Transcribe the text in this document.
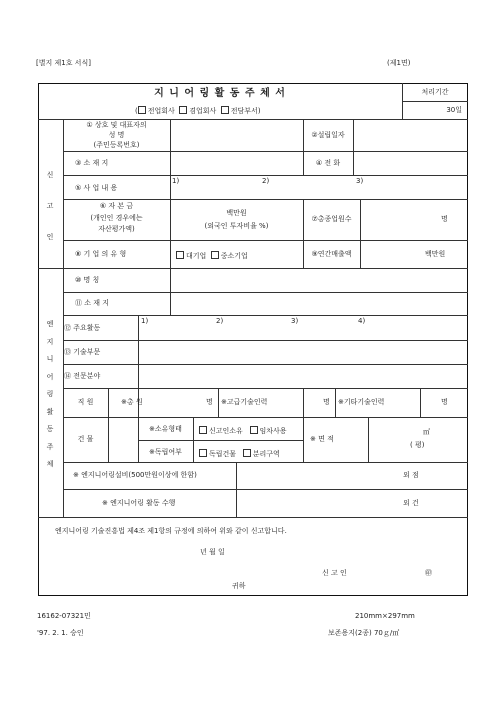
[별지 제1호 서식]	(제1면)
지 니 어 링 활 동 주 체 서
( 전업회사 겸업회사 전담부서)
처리기간
30일
신고인
엔지니어링활동주체
① 상호 및 대표자의
성 명
(주민등록번호)
②설립일자
③ 소 재 지	④ 전 화
⑤ 사 업 내 용
1)	2)	3)
⑥ 자 본 금
(개인인 경우에는
자산평가액)
백만원
(외국인 투자비율 %)
⑦총종업원수	명
⑧ 기 업 의 유 형	대기업 중소기업	⑨연간매출액	백만원
⑩ 명 칭
⑪ 소 재 지
⑫ 주요활동
1)	2)	3)	4)
⑬ 기술부문
⑭ 전문분야
직 원	※총 원	명 ※고급기술인력	명 ※기타기술인력	명
건 물
※소유형태	신고인소유 임차사용
※독립여부	독립건물 분리구역
※ 면 적
㎡
( 평)
※ 엔지니어링설비(500만원이상에 한함)	외 점
※ 엔지니어링 활동 수행	외 건
엔지니어링 기술진흥법 제4조 제1항의 규정에 의하여 위와 같이 신고합니다.
년 월 일
신 고 인	㊞
귀하
16162-07321민
'97. 2. 1. 승인
210mm×297mm
보존용지(2종) 70ｇ/㎡
